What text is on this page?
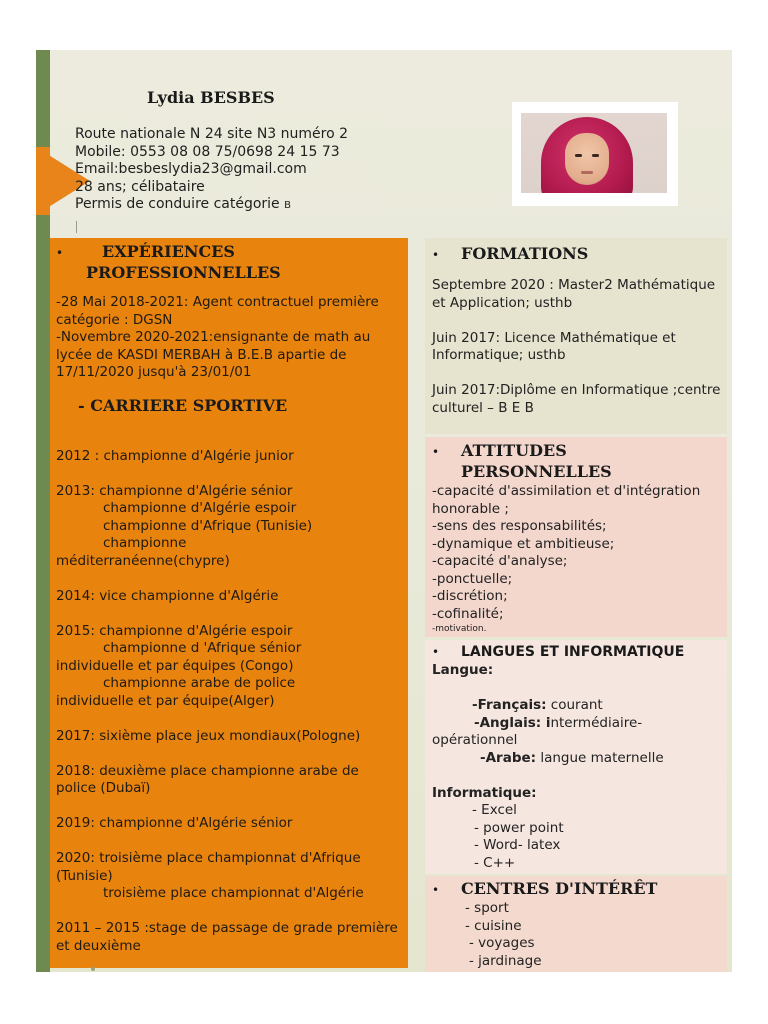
Lydia BESBES
Route nationale N 24 site N3 numéro 2
Mobile: 0553 08 08 75/0698 24 15 73
Email:besbeslydia23@gmail.com
28 ans; célibataire
Permis de conduire catégorie B
• EXPÉRIENCES
PROFESSIONNELLES

-28 Mai 2018-2021: Agent contractuel première catégorie : DGSN

-Novembre 2020-2021:ensignante de math au lycée de KASDI MERBAH à B.E.B apartie de 17/11/2020 jusqu'à 23/01/01

- CARRIERE SPORTIVE

2012 : championne d'Algérie junior

2013: championne d'Algérie sénior

championne d'Algérie espoir

championne d'Afrique (Tunisie)

championne

méditerranéenne(chypre)

2014: vice championne d'Algérie

2015: championne d'Algérie espoir

championne d 'Afrique sénior

individuelle et par équipes (Congo)

championne arabe de police

individuelle et par équipe(Alger)

2017: sixième place jeux mondiaux(Pologne)

2018: deuxième place championne arabe de police (Dubaï)

2019: championne d'Algérie sénior

2020: troisième place championnat d'Afrique (Tunisie)

troisième place championnat d'Algérie

2011 – 2015 :stage de passage de grade première et deuxième

• FORMATIONS

Septembre 2020 : Master2 Mathématique et Application; usthb

Juin 2017: Licence Mathématique et Informatique; usthb

Juin 2017:Diplôme en Informatique ;centre culturel – B E B

• ATTITUDES
PERSONNELLES

-capacité d'assimilation et d'intégration honorable ;

-sens des responsabilités;

-dynamique et ambitieuse;

-capacité d'analyse;

-ponctuelle;

-discrétion;

-cofinalité;

-motivation.

• LANGUES ET INFORMATIQUE

Langue:

-Français: courant

-Anglais: intermédiaire-

opérationnel

-Arabe: langue maternelle

Informatique:

- Excel

- power point

- Word- latex

- C++

• CENTRES D'INTÉRÊT

- sport

- cuisine

- voyages

- jardinage
